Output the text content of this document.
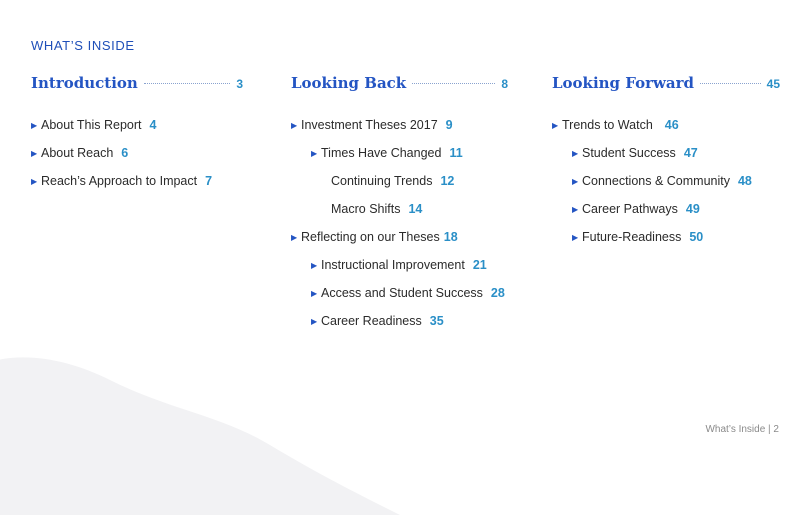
WHAT’S INSIDE
Introduction	3
▶ About This Report 4
▶ About Reach 6
▶ Reach’s Approach to Impact 7
Looking Back	8
▶ Investment Theses 2017 9
▶ Times Have Changed 11
Continuing Trends 12
Macro Shifts 14
▶ Reflecting on our Theses 18
▶ Instructional Improvement 21
▶ Access and Student Success 28
▶ Career Readiness 35
Looking Forward	45
▶ Trends to Watch 46
▶ Student Success 47
▶ Connections & Community 48
▶ Career Pathways 49
▶ Future-Readiness 50
What’s Inside | 2
